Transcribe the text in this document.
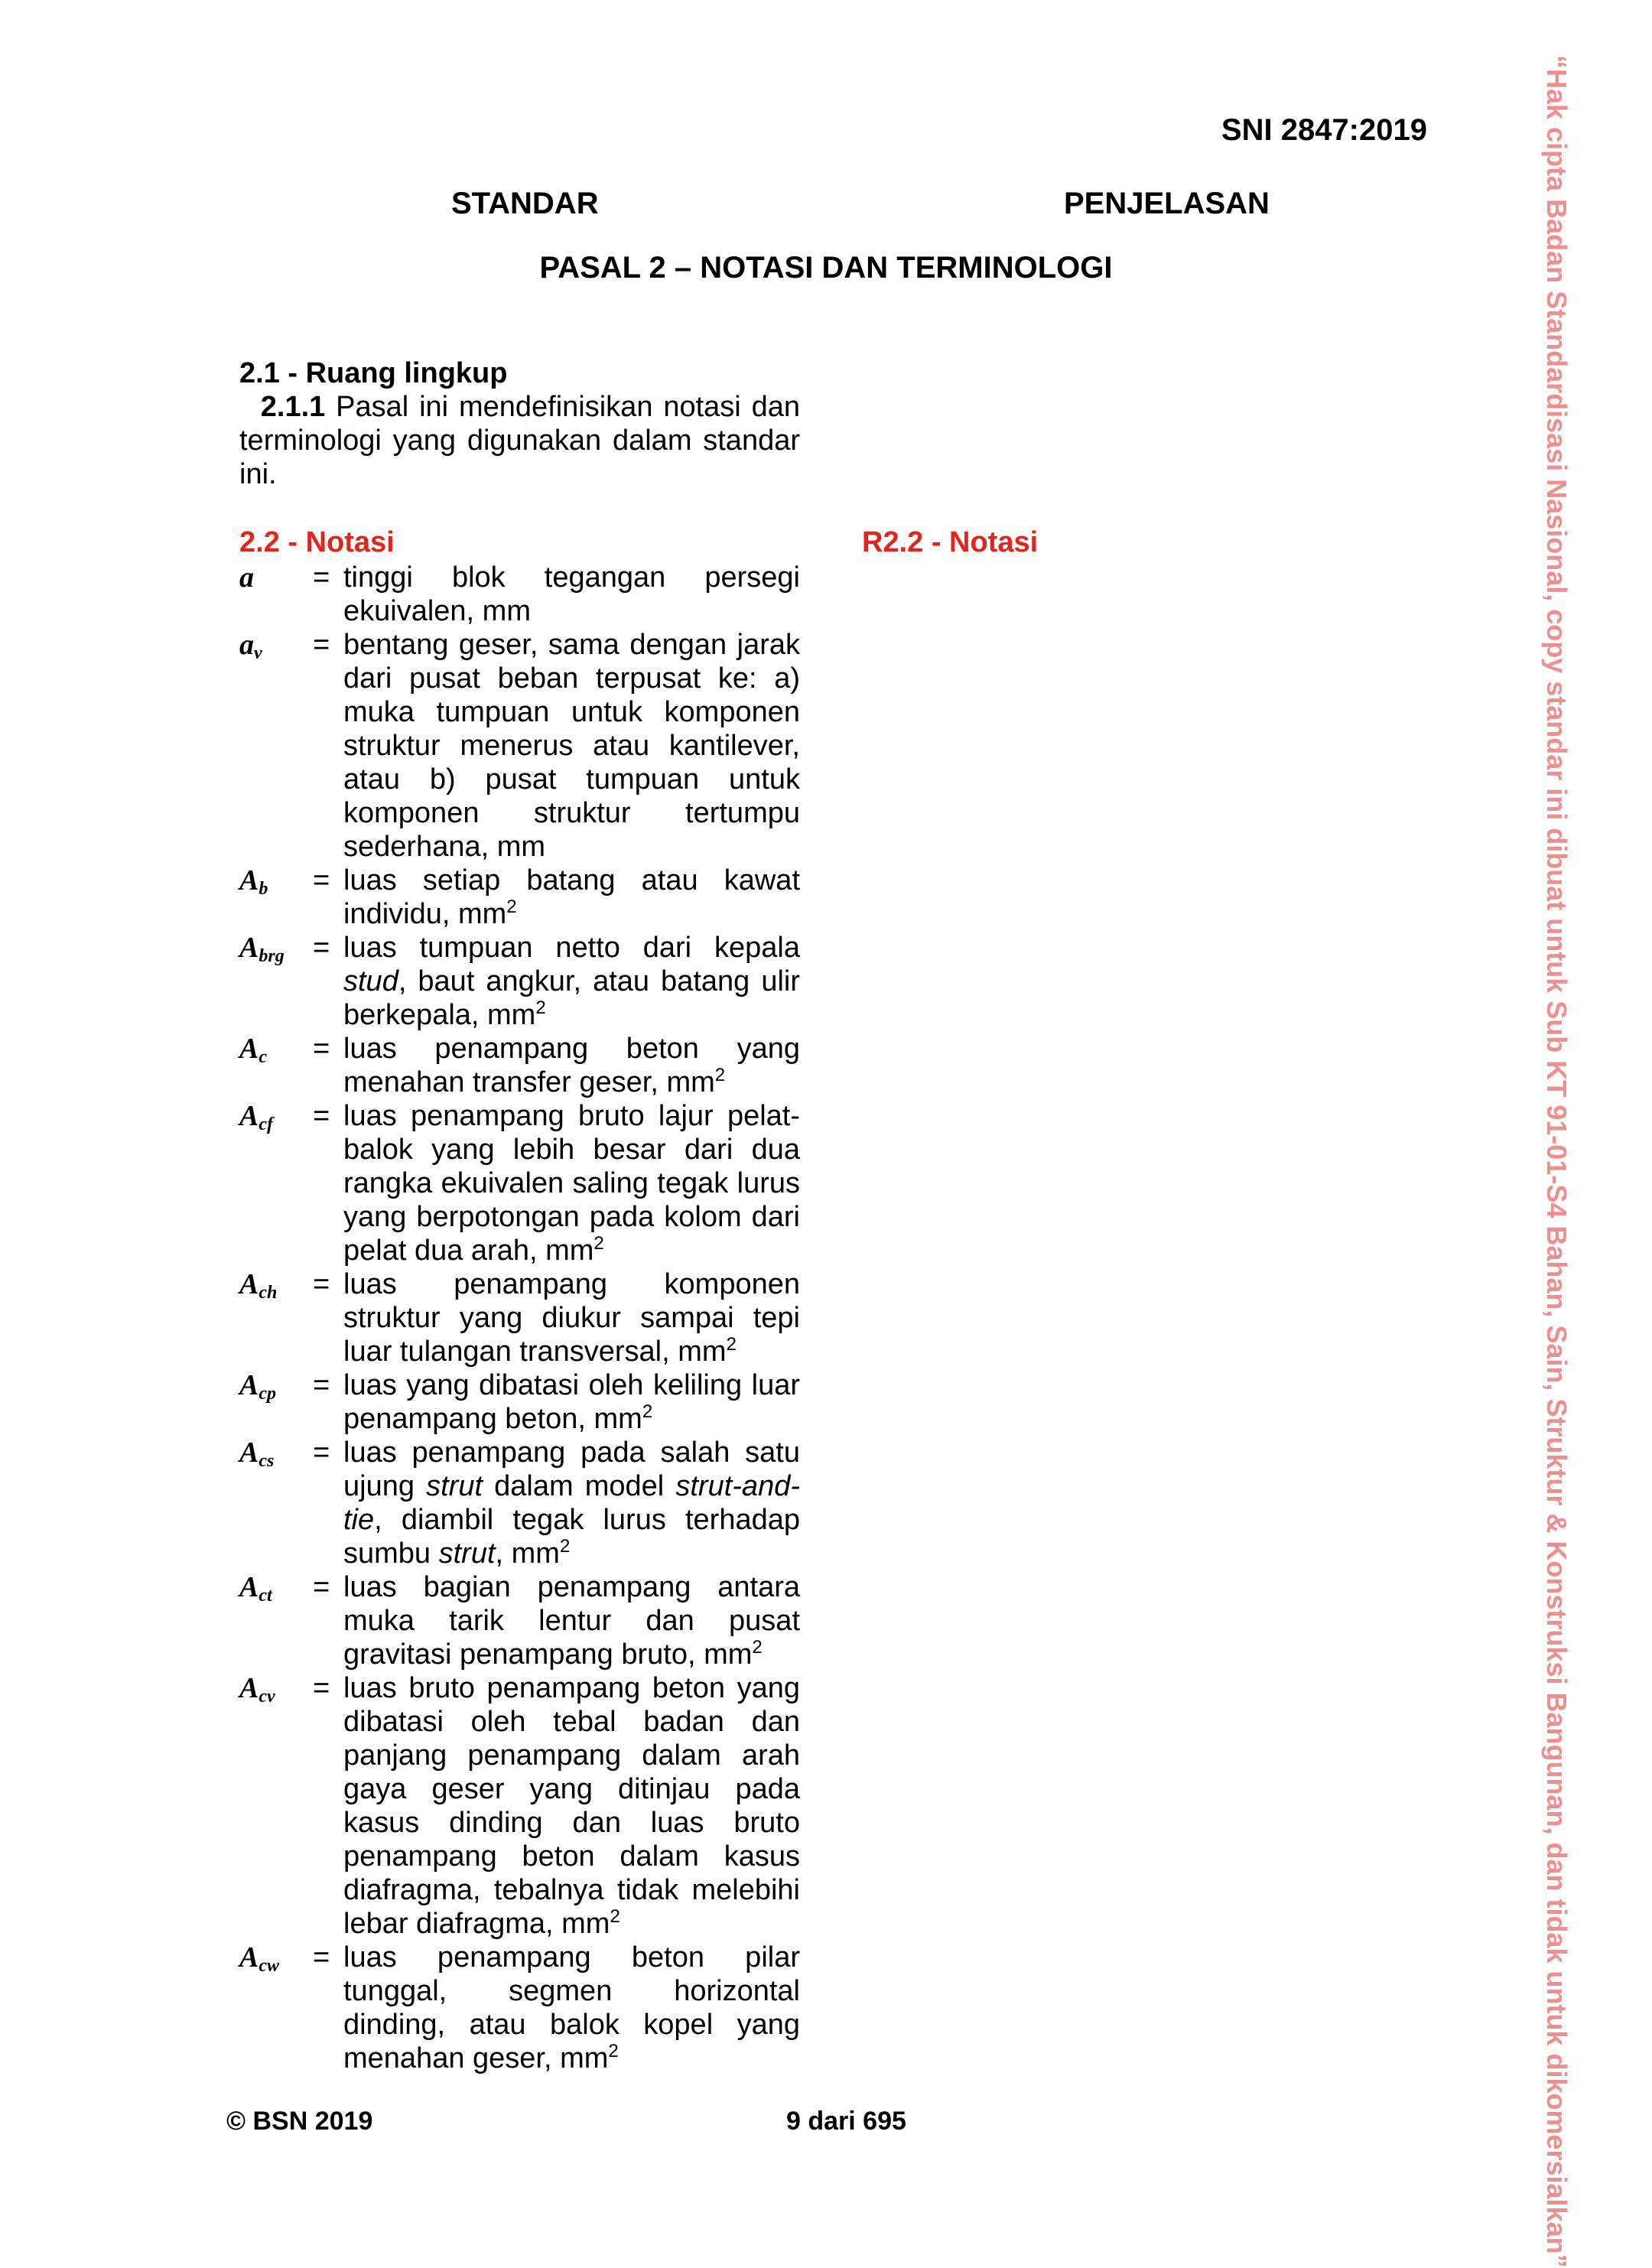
SNI 2847:2019
STANDAR	PENJELASAN
PASAL 2 – NOTASI DAN TERMINOLOGI
2.1 - Ruang lingkup

2.1.1 Pasal ini mendefinisikan notasi dan terminologi yang digunakan dalam standar ini.

2.2 - Notasi	R2.2 - Notasi
a	= tinggi blok tegangan persegi ekuivalen, mm
$a_v$	= bentang geser, sama dengan jarak dari pusat beban terpusat ke: a) muka tumpuan untuk komponen struktur menerus atau kantilever, atau b) pusat tumpuan untuk komponen struktur tertumpu sederhana, mm
$A_b$	= luas setiap batang atau kawat individu, $mm^2$
$A_{brg}$ = luas tumpuan netto dari kepala stud, baut angkur, atau batang ulir berkepala, $mm^2$
$A_c$	= luas penampang beton yang menahan transfer geser, $mm^2$
$A_{cf}$	= luas penampang bruto lajur pelat-balok yang lebih besar dari dua rangka ekuivalen saling tegak lurus yang berpotongan pada kolom dari pelat dua arah, $mm^2$
$A_{ch}$	= luas penampang komponen struktur yang diukur sampai tepi luar tulangan transversal, $mm^2$
$A_{cp}$	= luas yang dibatasi oleh keliling luar penampang beton, $mm^2$
$A_{cs}$	= luas penampang pada salah satu ujung strut dalam model strut-and-tie, diambil tegak lurus terhadap sumbu strut, $mm^2$
$A_{ct}$	= luas bagian penampang antara muka tarik lentur dan pusat gravitasi penampang bruto, $mm^2$
$A_{cv}$	= luas bruto penampang beton yang dibatasi oleh tebal badan dan panjang penampang dalam arah gaya geser yang ditinjau pada kasus dinding dan luas bruto penampang beton dalam kasus diafragma, tebalnya tidak melebihi lebar diafragma, $mm^2$
$A_{cw}$	= luas penampang beton pilar tunggal, segmen horizontal dinding, atau balok kopel yang menahan geser, $mm^2$
© BSN 2019	9 dari 695	“Hak cipta Badan Standardisasi Nasional, copy standar ini dibuat untuk Sub KT 91-01-S4 Bahan, Sain, Struktur & Konstruksi Bangunan, dan tidak untuk dikomersialkan”
